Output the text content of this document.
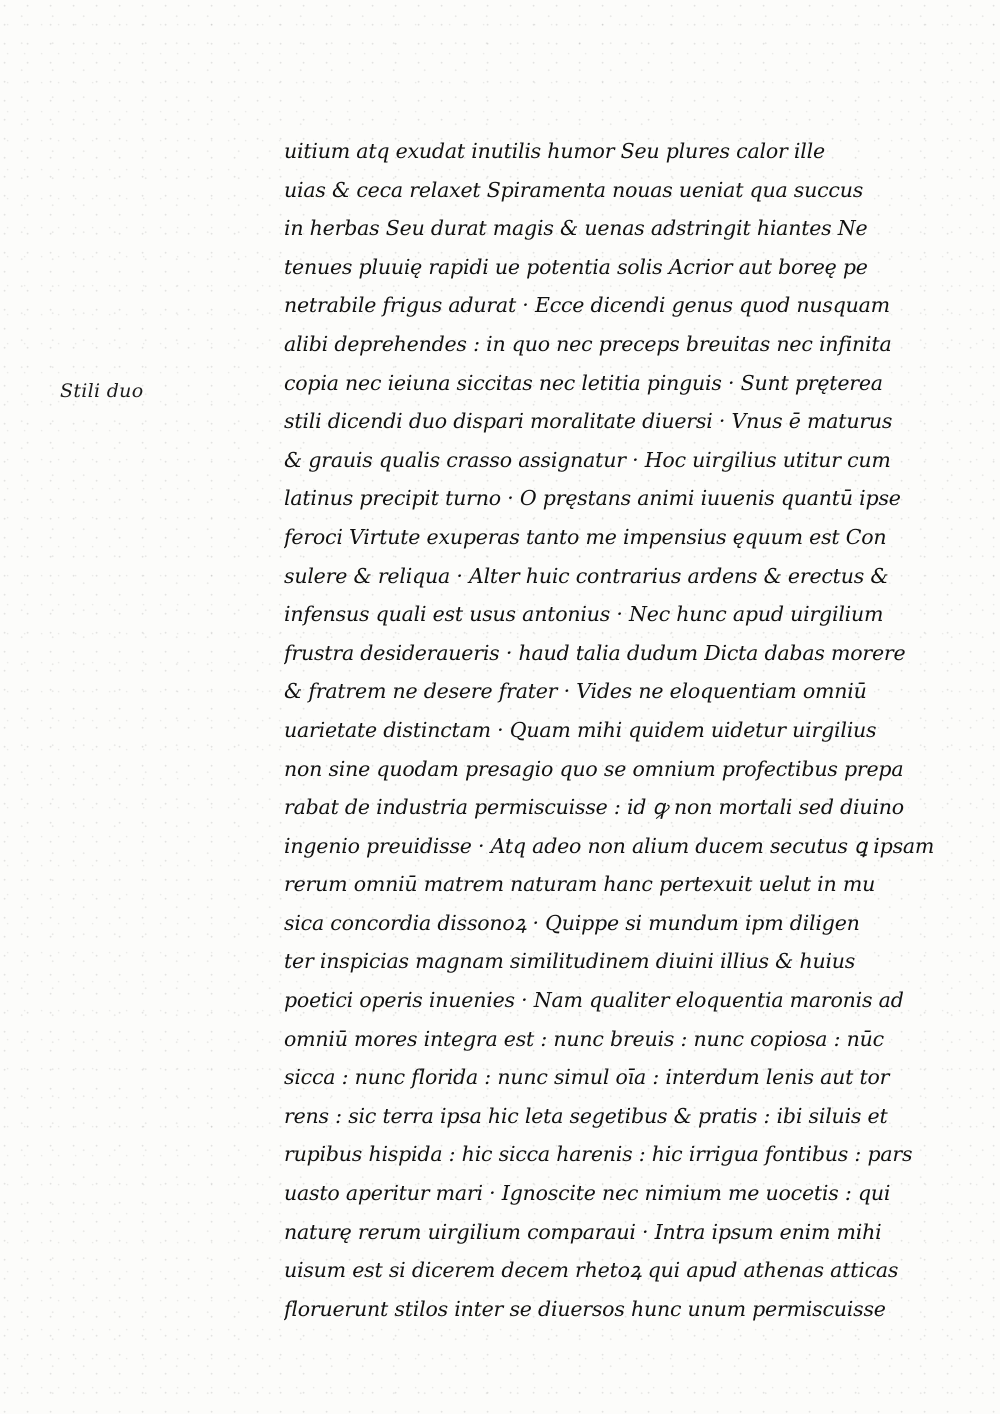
Stili duo
uitium atq exudat inutilis humor Seu plures calor ille
uias & ceca relaxet Spiramenta nouas ueniat qua succus
in herbas Seu durat magis & uenas adstringit hiantes Ne
tenues pluuię rapidi ue potentia solis Acrior aut boreę pe
netrabile frigus adurat · Ecce dicendi genus quod nusquam
alibi deprehendes : in quo nec preceps breuitas nec infinita
copia nec ieiuna siccitas nec letitia pinguis · Sunt pręterea
stili dicendi duo dispari moralitate diuersi · Vnus ē maturus
& grauis qualis crasso assignatur · Hoc uirgilius utitur cum
latinus precipit turno · O pręstans animi iuuenis quantū ipse
feroci Virtute exuperas tanto me impensius ęquum est Con
sulere & reliqua · Alter huic contrarius ardens & erectus &
infensus quali est usus antonius · Nec hunc apud uirgilium
frustra desideraueris · haud talia dudum Dicta dabas morere
& fratrem ne desere frater · Vides ne eloquentiam omniū
uarietate distinctam · Quam mihi quidem uidetur uirgilius
non sine quodam presagio quo se omnium profectibus prepa
rabat de industria permiscuisse : id ꝙ non mortali sed diuino
ingenio preuidisse · Atq adeo non alium ducem secutus ꝗ ipsam
rerum omniū matrem naturam hanc pertexuit uelut in mu
sica concordia dissonoꝝ · Quippe si mundum ipm diligen
ter inspicias magnam similitudinem diuini illius & huius
poetici operis inuenies · Nam qualiter eloquentia maronis ad
omniū mores integra est : nunc breuis : nunc copiosa : nūc
sicca : nunc florida : nunc simul oīa : interdum lenis aut tor
rens : sic terra ipsa hic leta segetibus & pratis : ibi siluis et
rupibus hispida : hic sicca harenis : hic irrigua fontibus : pars
uasto aperitur mari · Ignoscite nec nimium me uocetis : qui
naturę rerum uirgilium comparaui · Intra ipsum enim mihi
uisum est si dicerem decem rhetoꝝ qui apud athenas atticas
floruerunt stilos inter se diuersos hunc unum permiscuisse
